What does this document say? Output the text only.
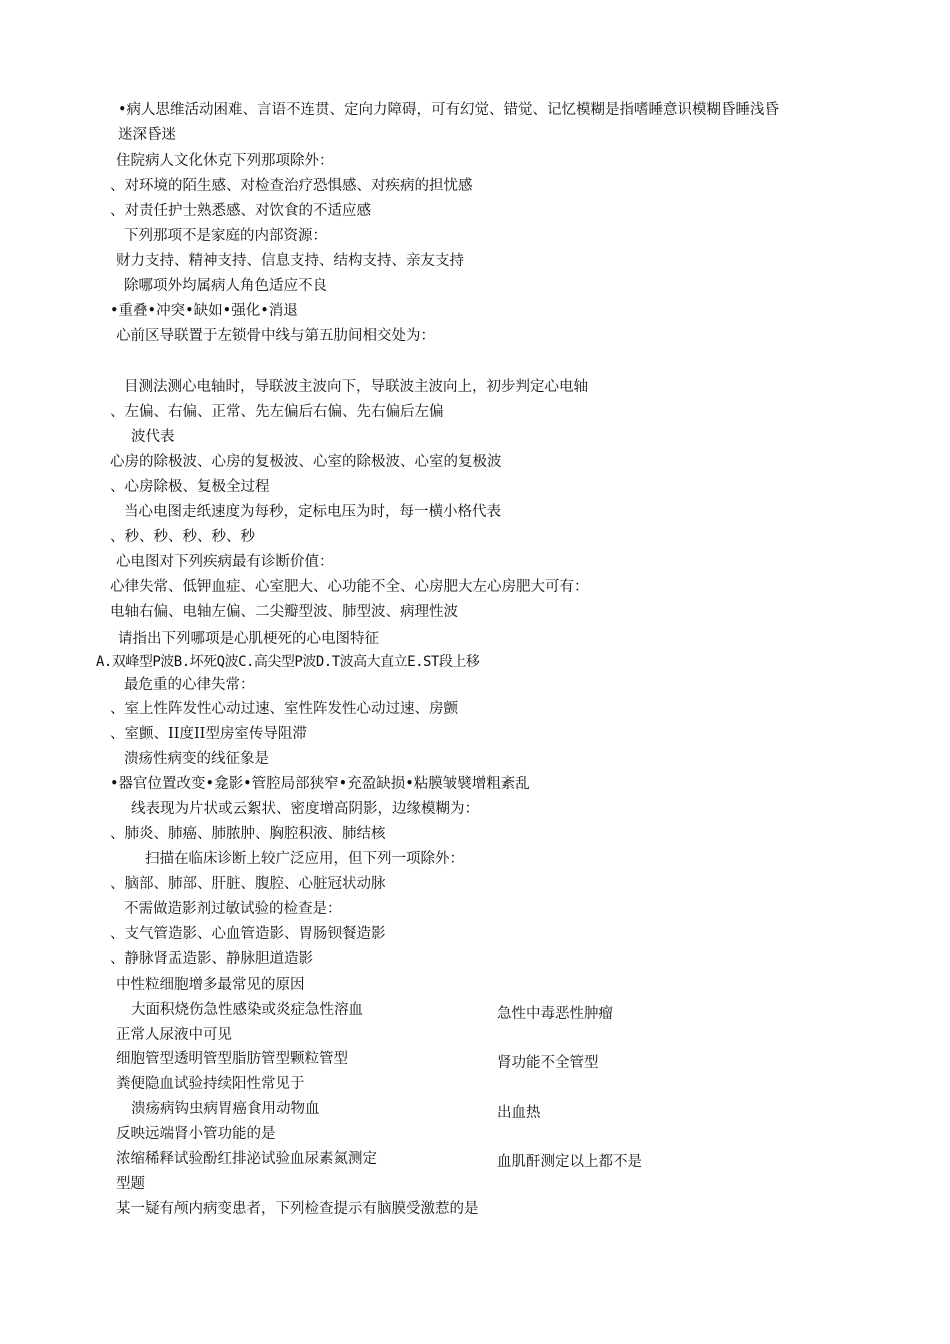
•病人思维活动困难、言语不连贯、定向力障碍，可有幻觉、错觉、记忆模糊是指嗜睡意识模糊昏睡浅昏
迷深昏迷
住院病人文化休克下列那项除外：
、对环境的陌生感、对检查治疗恐惧感、对疾病的担忧感
、对责任护士熟悉感、对饮食的不适应感
下列那项不是家庭的内部资源：
财力支持、精神支持、信息支持、结构支持、亲友支持
除哪项外均属病人角色适应不良
•重叠•冲突•缺如•强化•消退
心前区导联置于左锁骨中线与第五肋间相交处为：
目测法测心电轴时，导联波主波向下，导联波主波向上，初步判定心电轴
、左偏、右偏、正常、先左偏后右偏、先右偏后左偏
波代表
心房的除极波、心房的复极波、心室的除极波、心室的复极波
、心房除极、复极全过程
当心电图走纸速度为每秒，定标电压为时，每一横小格代表
、秒、秒、秒、秒、秒
心电图对下列疾病最有诊断价值：
心律失常、低钾血症、心室肥大、心功能不全、心房肥大左心房肥大可有：
电轴右偏、电轴左偏、二尖瓣型波、肺型波、病理性波
请指出下列哪项是心肌梗死的心电图特征
A.双峰型P波B.坏死Q波C.高尖型P波D.T波高大直立E.ST段上移
最危重的心律失常：
、室上性阵发性心动过速、室性阵发性心动过速、房颤
、室颤、II度II型房室传导阻滞
溃疡性病变的线征象是
•器官位置改变•龛影•管腔局部狭窄•充盈缺损•粘膜皱襞增粗紊乱
线表现为片状或云絮状、密度增高阴影，边缘模糊为：
、肺炎、肺癌、肺脓肿、胸腔积液、肺结核
扫描在临床诊断上较广泛应用，但下列一项除外：
、脑部、肺部、肝脏、腹腔、心脏冠状动脉
不需做造影剂过敏试验的检查是：
、支气管造影、心血管造影、胃肠钡餐造影
、静脉肾盂造影、静脉胆道造影
中性粒细胞增多最常见的原因
大面积烧伤急性感染或炎症急性溶血	急性中毒恶性肿瘤
正常人尿液中可见
细胞管型透明管型脂肪管型颗粒管型	肾功能不全管型
粪便隐血试验持续阳性常见于
溃疡病钩虫病胃癌食用动物血	出血热
反映远端肾小管功能的是
浓缩稀释试验酚红排泌试验血尿素氮测定	血肌酐测定以上都不是
型题
某一疑有颅内病变患者，下列检查提示有脑膜受激惹的是
